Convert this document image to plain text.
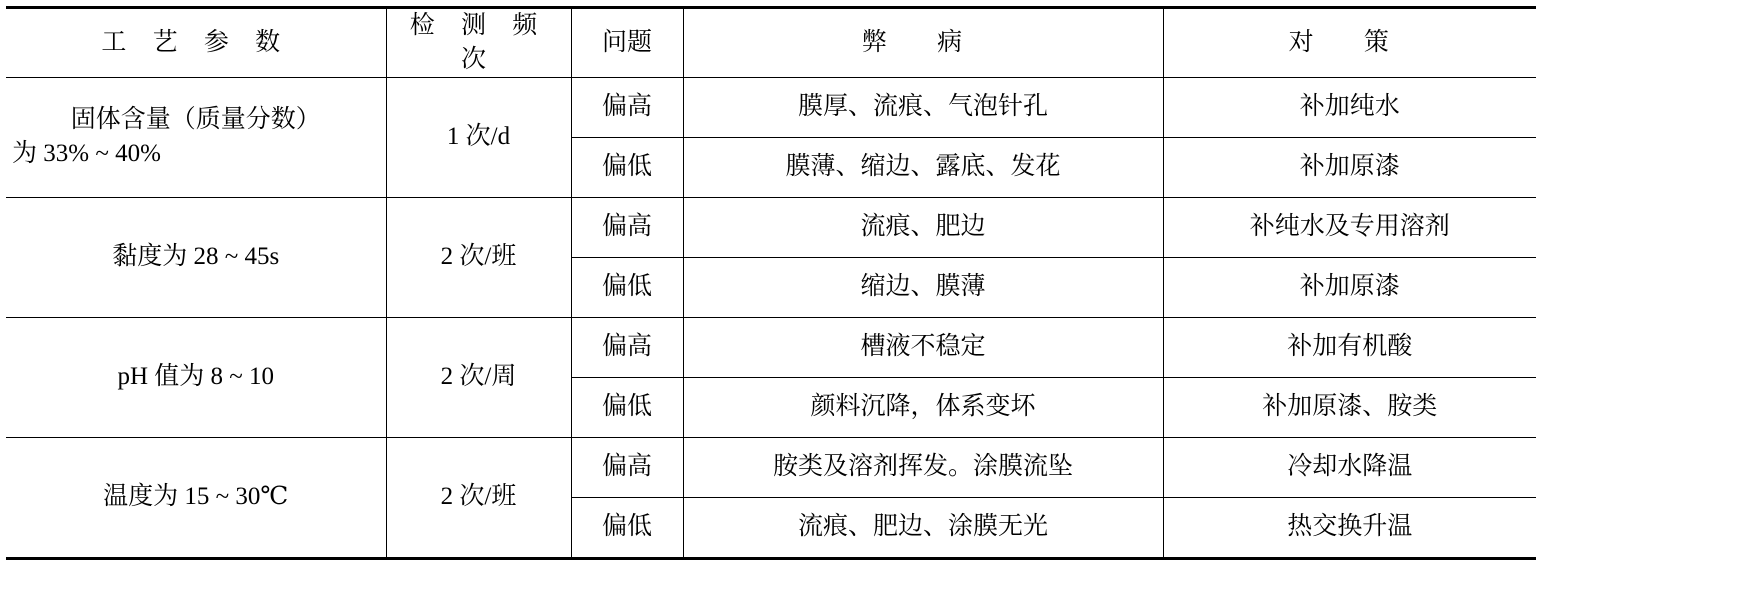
工 艺 参 数	检 测 频 次	问题	弊 病	对 策

固体含量（质量分数）
为 33% ~ 40%	1 次/d	偏高	膜厚、流痕、气泡针孔	补加纯水
		偏低	膜薄、缩边、露底、发花	补加原漆
黏度为 28 ~ 45s	2 次/班	偏高	流痕、肥边	补纯水及专用溶剂
		偏低	缩边、膜薄	补加原漆
pH 值为 8 ~ 10	2 次/周	偏高	槽液不稳定	补加有机酸
		偏低	颜料沉降，体系变坏	补加原漆、胺类
温度为 15 ~ 30℃	2 次/班	偏高	胺类及溶剂挥发。涂膜流坠	冷却水降温
		偏低	流痕、肥边、涂膜无光	热交换升温
